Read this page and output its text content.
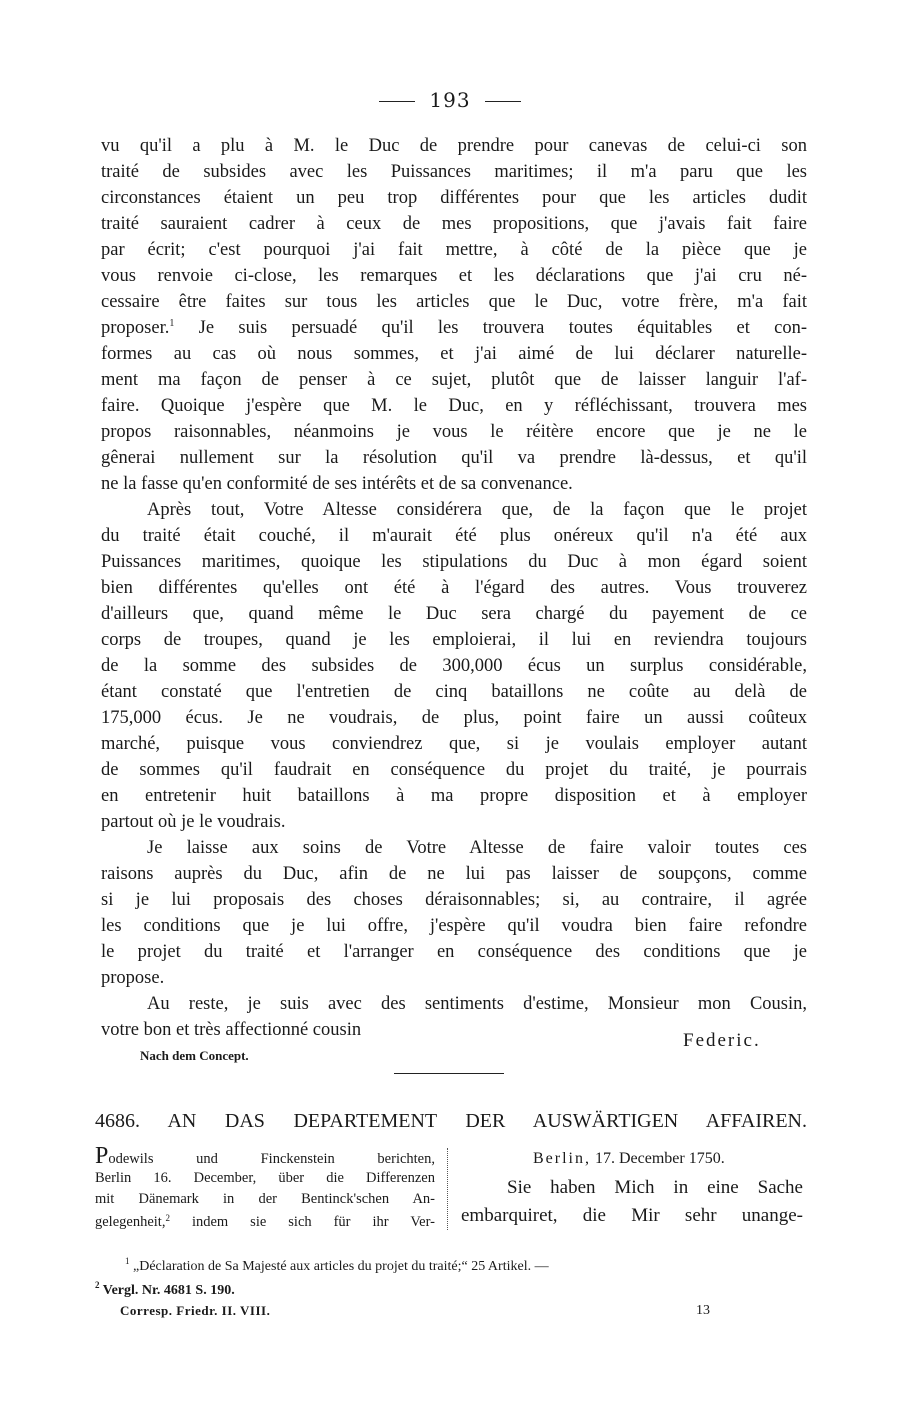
193
vu qu'il a plu à M. le Duc de prendre pour canevas de celui-ci son
traité de subsides avec les Puissances maritimes; il m'a paru que les
circonstances étaient un peu trop différentes pour que les articles dudit
traité sauraient cadrer à ceux de mes propositions, que j'avais fait faire
par écrit; c'est pourquoi j'ai fait mettre, à côté de la pièce que je
vous renvoie ci-close, les remarques et les déclarations que j'ai cru né-
cessaire être faites sur tous les articles que le Duc, votre frère, m'a fait
proposer.$^1$ Je suis persuadé qu'il les trouvera toutes équitables et con-
formes au cas où nous sommes, et j'ai aimé de lui déclarer naturelle-
ment ma façon de penser à ce sujet, plutôt que de laisser languir l'af-
faire. Quoique j'espère que M. le Duc, en y réfléchissant, trouvera mes
propos raisonnables, néanmoins je vous le réitère encore que je ne le
gênerai nullement sur la résolution qu'il va prendre là-dessus, et qu'il
ne la fasse qu'en conformité de ses intérêts et de sa convenance.
Après tout, Votre Altesse considérera que, de la façon que le projet
du traité était couché, il m'aurait été plus onéreux qu'il n'a été aux
Puissances maritimes, quoique les stipulations du Duc à mon égard soient
bien différentes qu'elles ont été à l'égard des autres. Vous trouverez
d'ailleurs que, quand même le Duc sera chargé du payement de ce
corps de troupes, quand je les emploierai, il lui en reviendra toujours
de la somme des subsides de 300,000 écus un surplus considérable,
étant constaté que l'entretien de cinq bataillons ne coûte au delà de
175,000 écus. Je ne voudrais, de plus, point faire un aussi coûteux
marché, puisque vous conviendrez que, si je voulais employer autant
de sommes qu'il faudrait en conséquence du projet du traité, je pourrais
en entretenir huit bataillons à ma propre disposition et à employer
partout où je le voudrais.
Je laisse aux soins de Votre Altesse de faire valoir toutes ces
raisons auprès du Duc, afin de ne lui pas laisser de soupçons, comme
si je lui proposais des choses déraisonnables; si, au contraire, il agrée
les conditions que je lui offre, j'espère qu'il voudra bien faire refondre
le projet du traité et l'arranger en conséquence des conditions que je
propose.
Au reste, je suis avec des sentiments d'estime, Monsieur mon Cousin,
votre bon et très affectionné cousin	Federic.
Nach dem Concept.
4686. AN DAS DEPARTEMENT DER AUSWÄRTIGEN AFFAIREN.
Podewils und Finckenstein berichten,
Berlin 16. December, über die Differenzen
mit Dänemark in der Bentinck'schen An-
gelegenheit,$^2$ indem sie sich für ihr Ver-
Berlin, 17. December 1750.
Sie haben Mich in eine Sache
embarquiret, die Mir sehr unange-
$^1$ „Déclaration de Sa Majesté aux articles du projet du traité;“ 25 Artikel. —
$^2$ Vergl. Nr. 4681 S. 190.
Corresp. Friedr. II. VIII.	13
